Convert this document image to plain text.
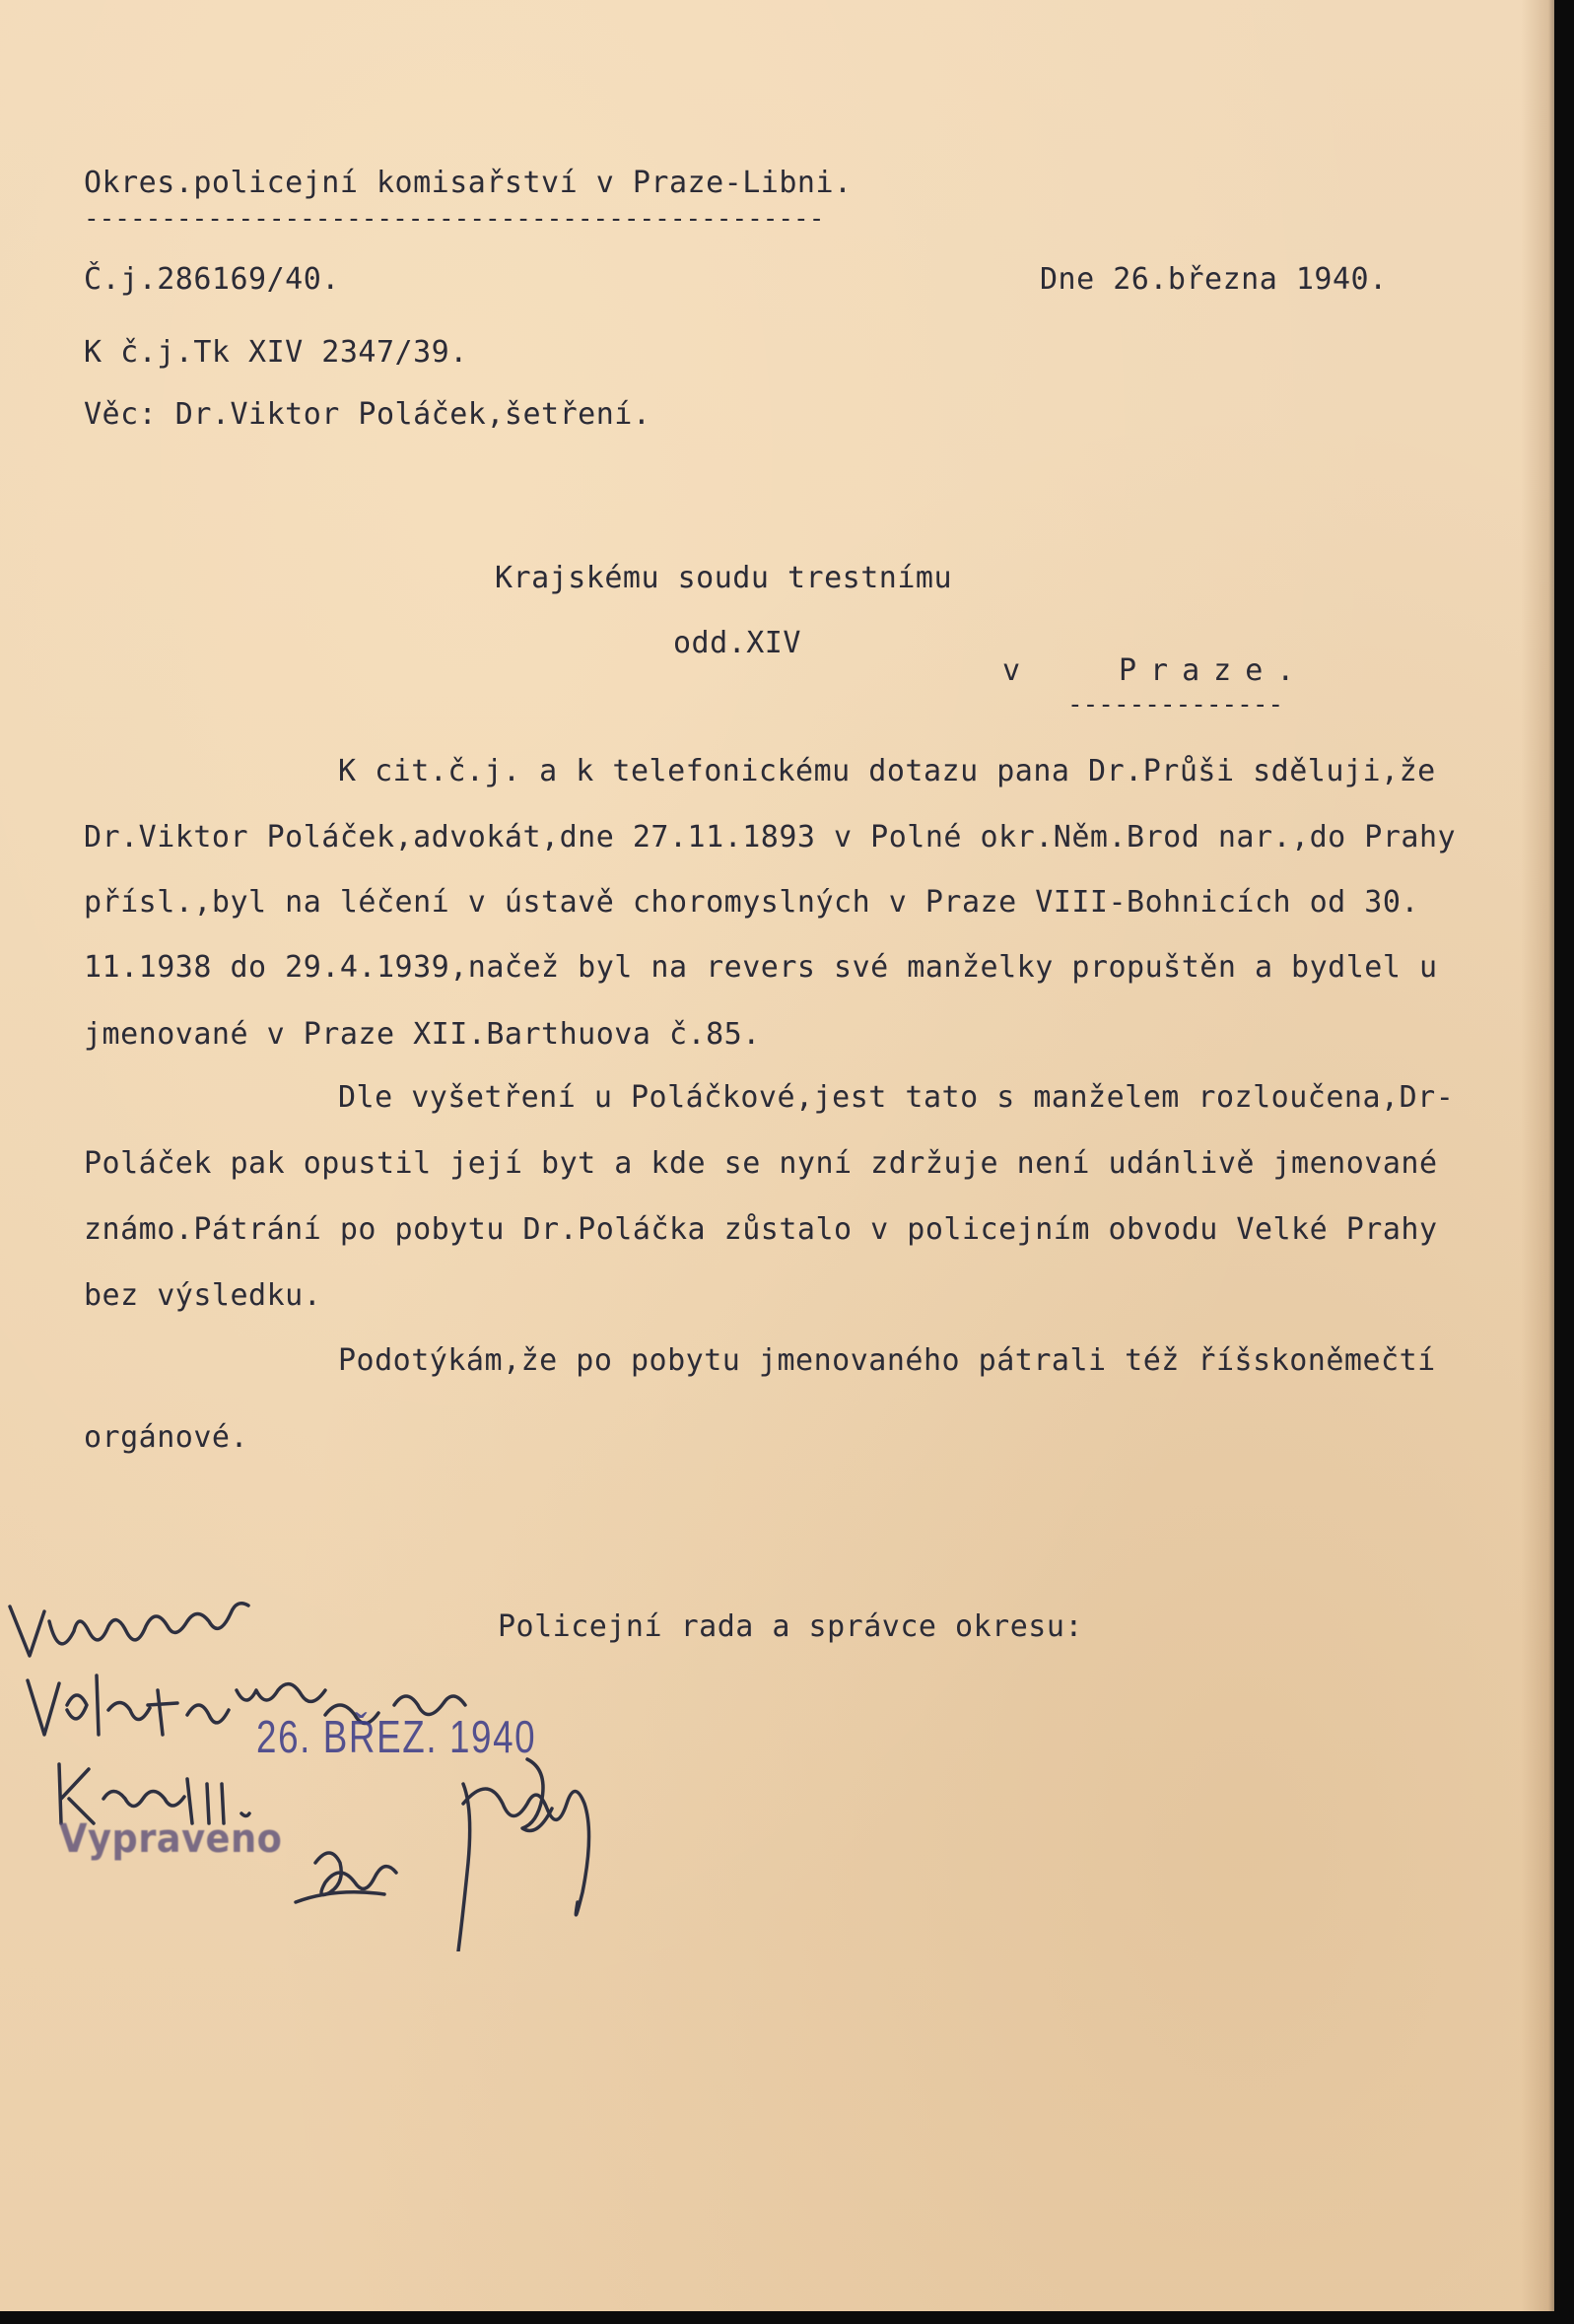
Okres.policejní komisařství v Praze-Libni.
------------------------------------------------
Č.j.286169/40.	Dne 26.března 1940.
K č.j.Tk XIV 2347/39.
Věc: Dr.Viktor Poláček,šetření.
Krajskému soudu trestnímu
odd.XIV
v	Praze.
--------------
K cit.č.j. a k telefonickému dotazu pana Dr.Průši sděluji,že
Dr.Viktor Poláček,advokát,dne 27.11.1893 v Polné okr.Něm.Brod nar.,do Prahy
přísl.,byl na léčení v ústavě choromyslných v Praze VIII-Bohnicích od 30.
11.1938 do 29.4.1939,načež byl na revers své manželky propuštěn a bydlel u
jmenované v Praze XII.Barthuova č.85.
Dle vyšetření u Poláčkové,jest tato s manželem rozloučena,Dr-
Poláček pak opustil její byt a kde se nyní zdržuje není udánlivě jmenované
známo.Pátrání po pobytu Dr.Poláčka zůstalo v policejním obvodu Velké Prahy
bez výsledku.
Podotýkám,že po pobytu jmenovaného pátrali též říšskoněmečtí
orgánové.
Policejní rada a správce okresu:
26. BŘEZ. 1940
Vypraveno
